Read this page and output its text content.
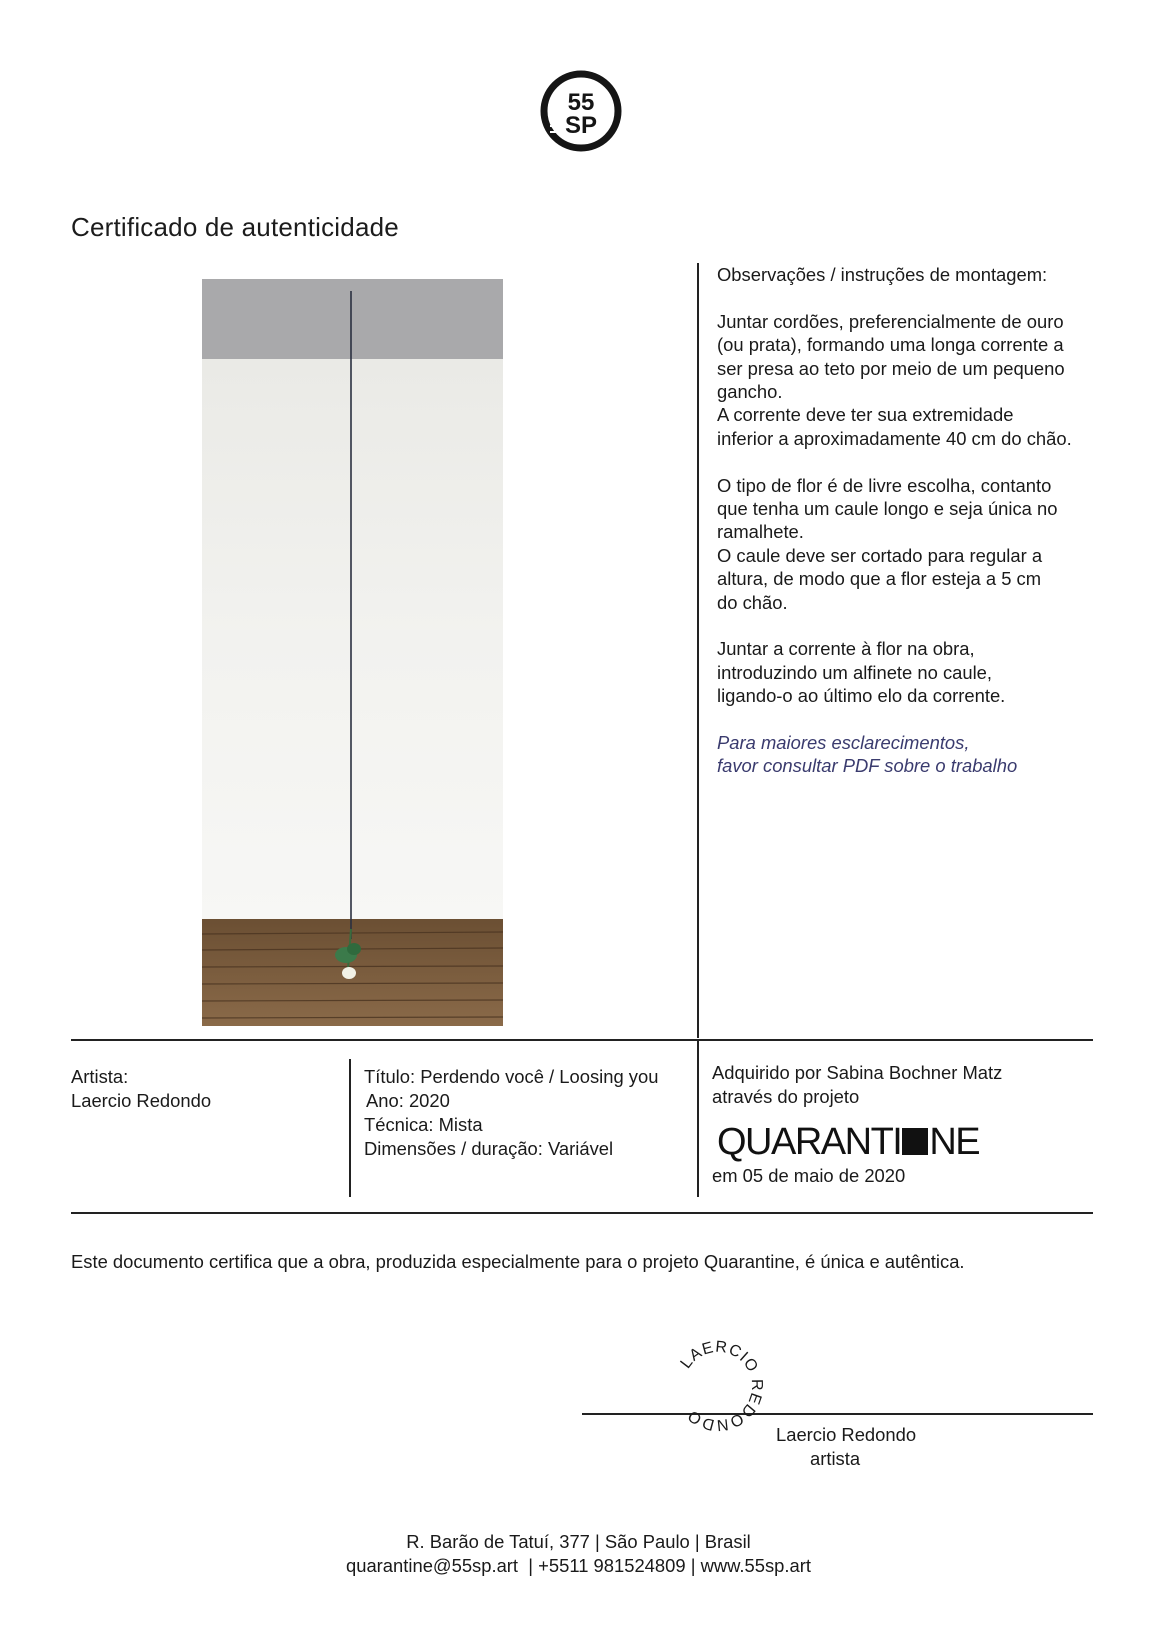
55
SP
Certificado de autenticidade

Observações / instruções de montagem:

Juntar cordões, preferencialmente de ouro
(ou prata), formando uma longa corrente a
ser presa ao teto por meio de um pequeno
gancho.
A corrente deve ter sua extremidade
inferior a aproximadamente 40 cm do chão.

O tipo de flor é de livre escolha, contanto
que tenha um caule longo e seja única no
ramalhete.
O caule deve ser cortado para regular a
altura, de modo que a flor esteja a 5 cm
do chão.

Juntar a corrente à flor na obra,
introduzindo um alfinete no caule,
ligando-o ao último elo da corrente.

Para maiores esclarecimentos,
favor consultar PDF sobre o trabalho

Artista:
Laercio Redondo
Título: Perdendo você / Loosing you
Ano: 2020
Técnica: Mista
Dimensões / duração: Variável
Adquirido por Sabina Bochner Matz
através do projeto
QUARANTI NE
em 05 de maio de 2020
Este documento certifica que a obra, produzida especialmente para o projeto Quarantine, é única e autêntica.
LAERCIO REDONDO
Laercio Redondo
artista
R. Barão de Tatuí, 377 | São Paulo | Brasil
quarantine@55sp.art  | +5511 981524809 | www.55sp.art
